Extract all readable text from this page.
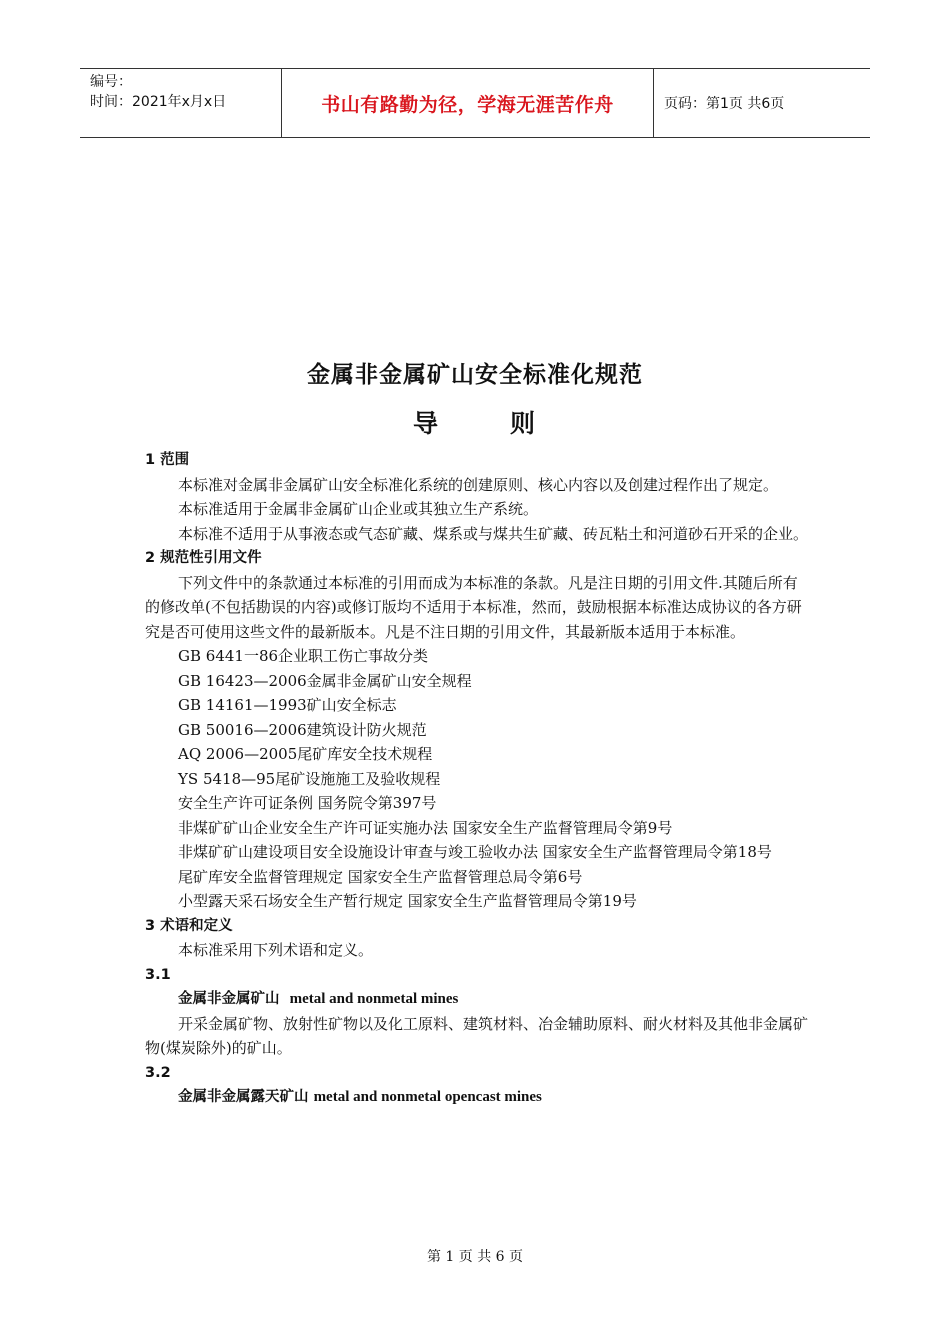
编号：
时间：2021年x月x日	书山有路勤为径，学海无涯苦作舟	页码：第1页 共6页
金属非金属矿山安全标准化规范
导	则

1 范围

本标准对金属非金属矿山安全标准化系统的创建原则、核心内容以及创建过程作出了规定。

本标准适用于金属非金属矿山企业或其独立生产系统。

本标准不适用于从事液态或气态矿藏、煤系或与煤共生矿藏、砖瓦粘土和河道砂石开采的企业。

2 规范性引用文件

下列文件中的条款通过本标准的引用而成为本标准的条款。凡是注日期的引用文件.其随后所有的修改单(不包括勘误的内容)或修订版均不适用于本标准，然而，鼓励根据本标准达成协议的各方研究是否可使用这些文件的最新版本。凡是不注日期的引用文件，其最新版本适用于本标准。

GB 6441一86企业职工伤亡事故分类

GB 16423—2006金属非金属矿山安全规程

GB 14161—1993矿山安全标志

GB 50016—2006建筑设计防火规范

AQ 2006—2005尾矿库安全技术规程

YS 5418—95尾矿设施施工及验收规程

安全生产许可证条例 国务院令第397号

非煤矿矿山企业安全生产许可证实施办法 国家安全生产监督管理局令第9号

非煤矿矿山建设项目安全设施设计审查与竣工验收办法 国家安全生产监督管理局令第18号

尾矿库安全监督管理规定 国家安全生产监督管理总局令第6号

小型露天采石场安全生产暂行规定 国家安全生产监督管理局令第19号

3 术语和定义

本标准采用下列术语和定义。

3.1

金属非金属矿山 metal and nonmetal mines

开采金属矿物、放射性矿物以及化工原料、建筑材料、冶金辅助原料、耐火材料及其他非金属矿物(煤炭除外)的矿山。

3.2

金属非金属露天矿山 metal and nonmetal opencast mines

第 1 页 共 6 页
